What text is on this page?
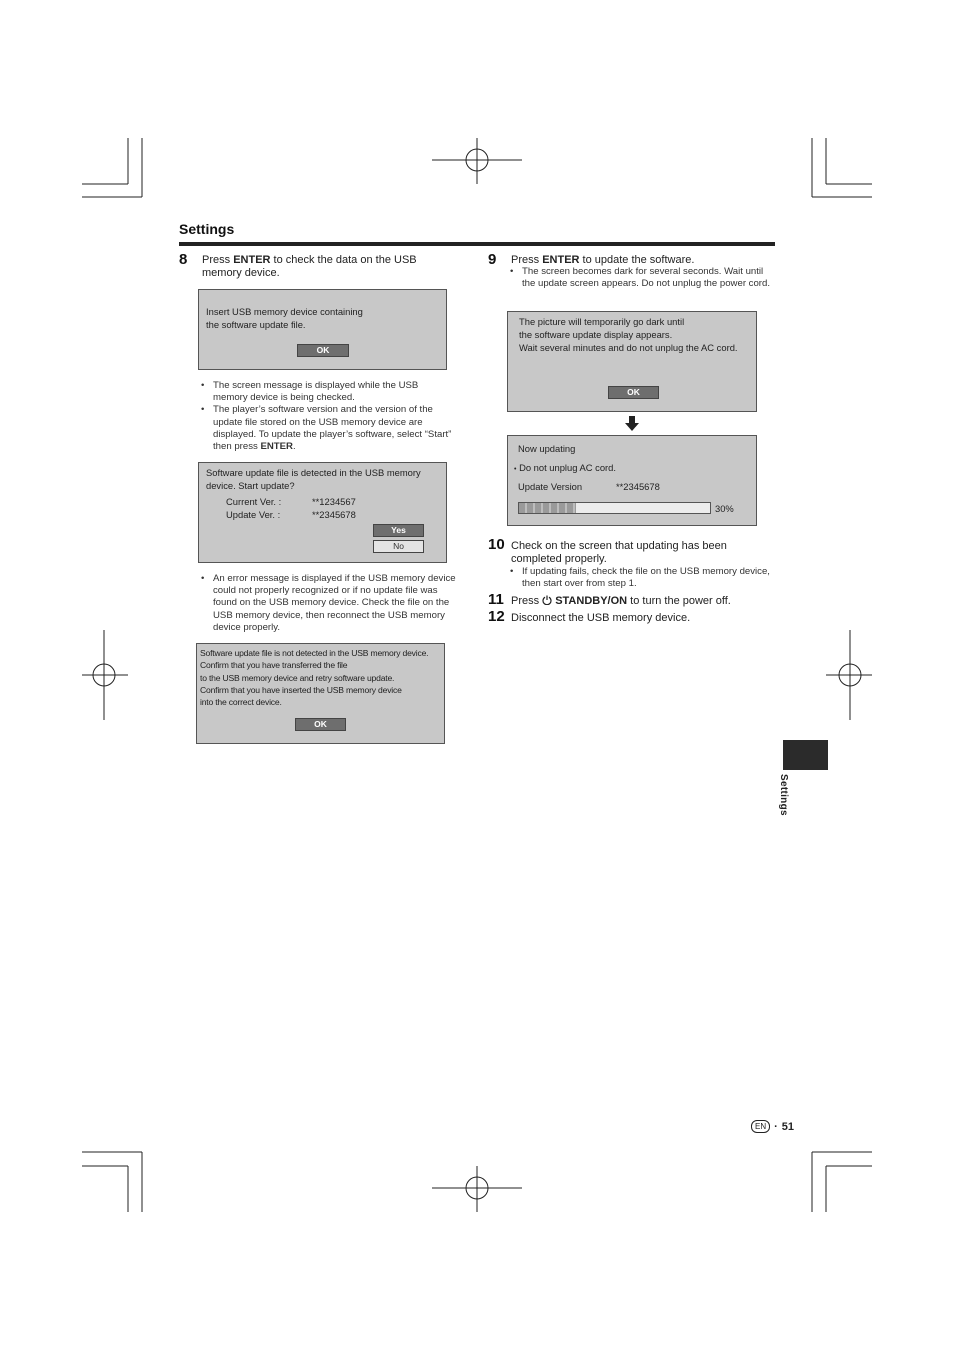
Settings
8 Press ENTER to check the data on the USB memory device.
Insert USB memory device containing
the software update file.
OK
• The screen message is displayed while the USB memory device is being checked.
• The player’s software version and the version of the update file stored on the USB memory device are displayed. To update the player’s software, select “Start” then press ENTER.
Software update file is detected in the USB memory
device. Start update?
Current Ver. :	**1234567
Update Ver. :	**2345678
Yes
No
• An error message is displayed if the USB memory device could not properly recognized or if no update file was found on the USB memory device. Check the file on the USB memory device, then reconnect the USB memory device properly.
Software update file is not detected in the USB memory device.
Confirm that you have transferred the file
to the USB memory device and retry software update.
Confirm that you have inserted the USB memory device
into the correct device.
OK
9 Press ENTER to update the software.
• The screen becomes dark for several seconds. Wait until the update screen appears. Do not unplug the power cord.
The picture will temporarily go dark until
the software update display appears.
Wait several minutes and do not unplug the AC cord.
OK
Now updating
• Do not unplug AC cord.
Update Version	**2345678
30%
10 Check on the screen that updating has been completed properly.
• If updating fails, check the file on the USB memory device, then start over from step 1.
11 Press STANDBY/ON to turn the power off.
12 Disconnect the USB memory device.
Settings
EN · 51
